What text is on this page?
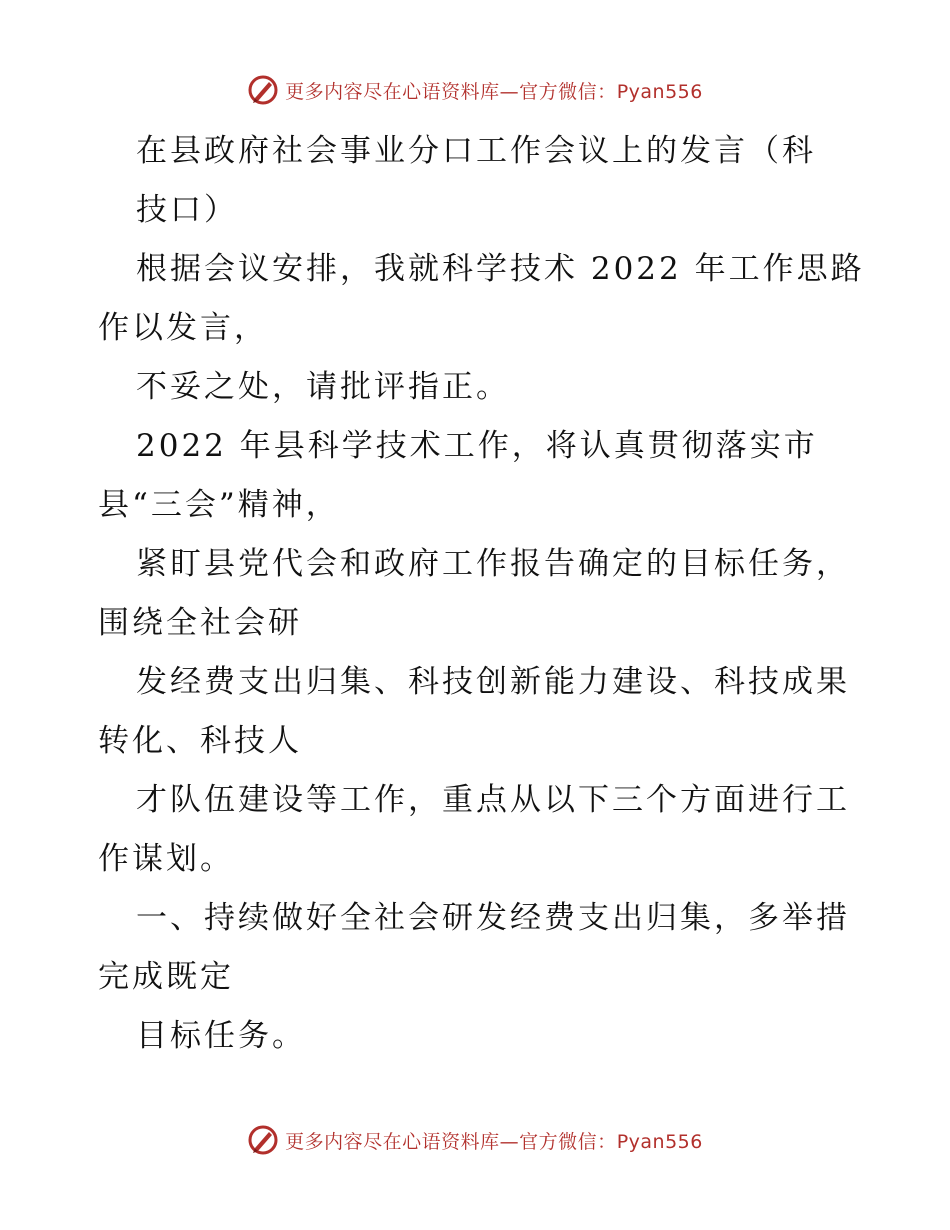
更多内容尽在心语资料库—官方微信：Pyan556
在县政府社会事业分口工作会议上的发言（科
技口）
根据会议安排，我就科学技术 2022 年工作思路
作以发言，
不妥之处，请批评指正。
2022 年县科学技术工作，将认真贯彻落实市
县“三会”精神，
紧盯县党代会和政府工作报告确定的目标任务，
围绕全社会研
发经费支出归集、科技创新能力建设、科技成果
转化、科技人
才队伍建设等工作，重点从以下三个方面进行工
作谋划。
一、持续做好全社会研发经费支出归集，多举措
完成既定
目标任务。
更多内容尽在心语资料库—官方微信：Pyan556
